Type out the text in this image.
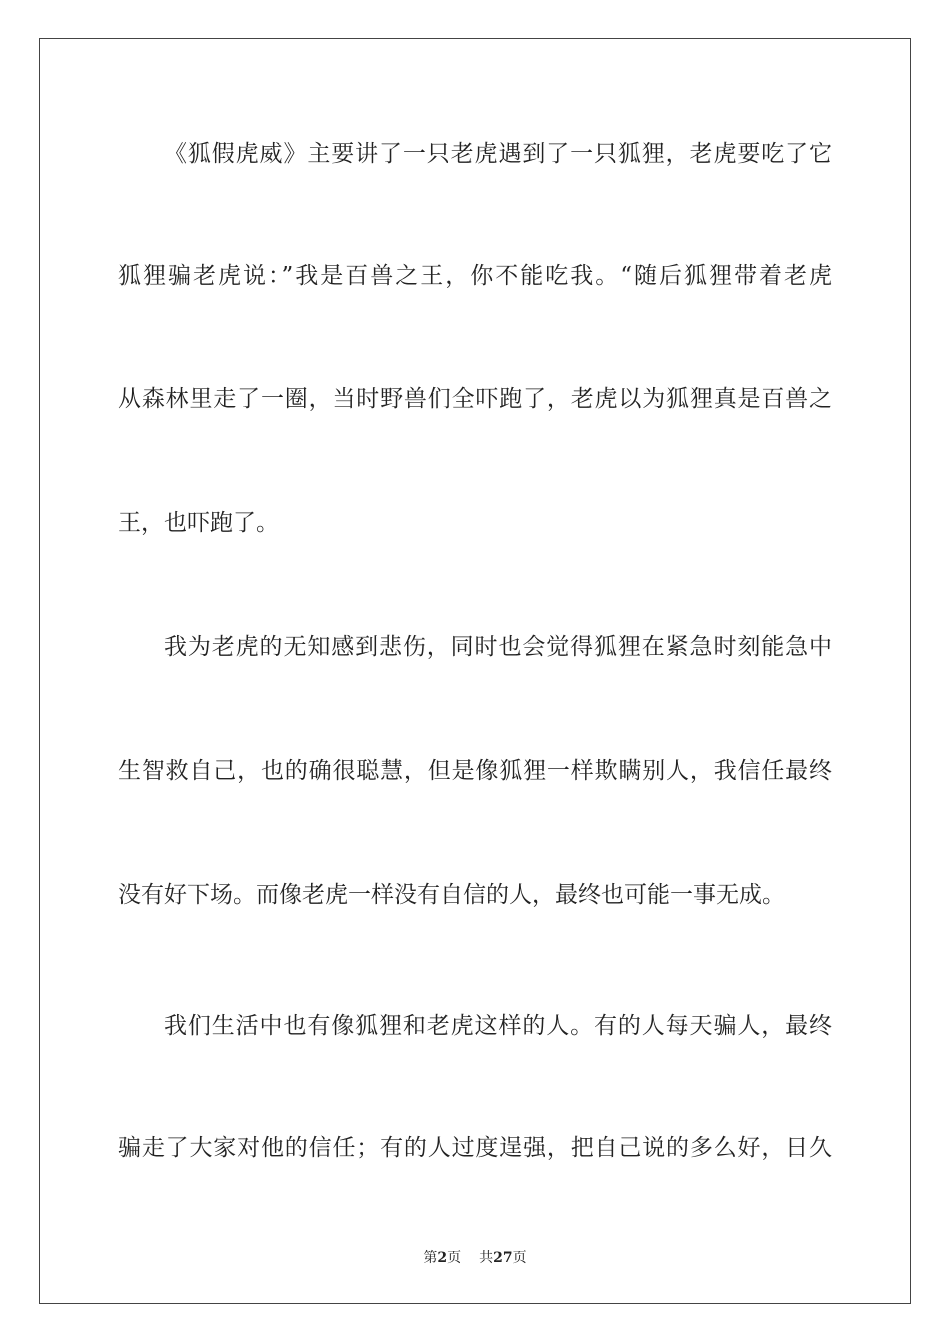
《狐假虎威》主要讲了一只老虎遇到了一只狐狸，老虎要吃了它

狐狸骗老虎说：”我是百兽之王，你不能吃我。“随后狐狸带着老虎

从森林里走了一圈，当时野兽们全吓跑了，老虎以为狐狸真是百兽之

王，也吓跑了。

我为老虎的无知感到悲伤，同时也会觉得狐狸在紧急时刻能急中

生智救自己，也的确很聪慧，但是像狐狸一样欺瞒别人，我信任最终

没有好下场。而像老虎一样没有自信的人，最终也可能一事无成。

我们生活中也有像狐狸和老虎这样的人。有的人每天骗人，最终

骗走了大家对他的信任；有的人过度逞强，把自己说的多么好，日久

第2页 共27页
